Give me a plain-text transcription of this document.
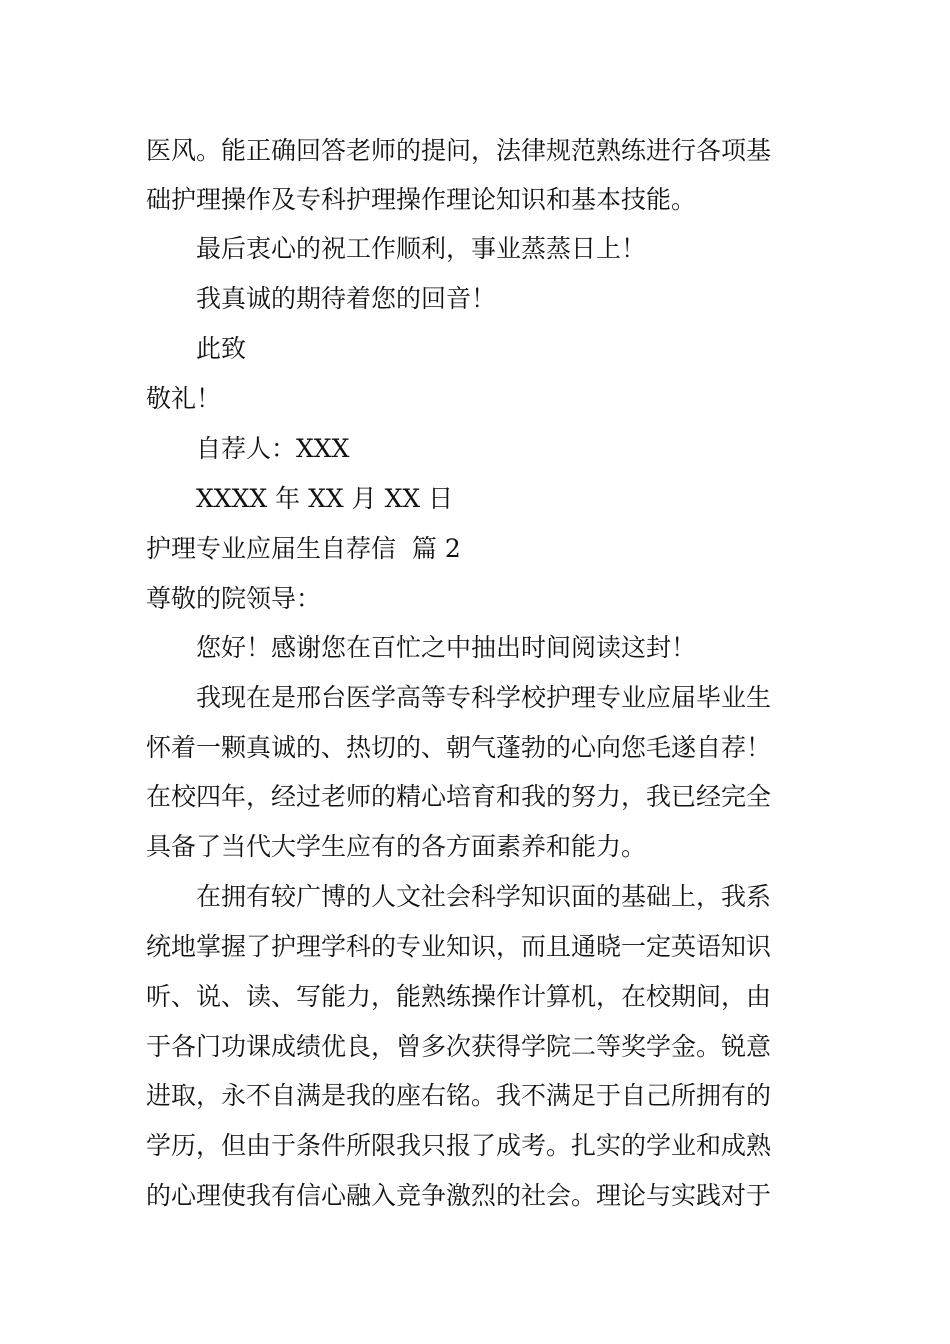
医风。能正确回答老师的提问，法律规范熟练进行各项基
础护理操作及专科护理操作理论知识和基本技能。
最后衷心的祝工作顺利，事业蒸蒸日上！
我真诚的期待着您的回音！
此致
敬礼！
自荐人：XXX
XXXX 年 XX 月 XX 日
护理专业应届生自荐信  篇 2
尊敬的院领导：
您好！感谢您在百忙之中抽出时间阅读这封！
我现在是邢台医学高等专科学校护理专业应届毕业生
怀着一颗真诚的、热切的、朝气蓬勃的心向您毛遂自荐！
在校四年，经过老师的精心培育和我的努力，我已经完全
具备了当代大学生应有的各方面素养和能力。
在拥有较广博的人文社会科学知识面的基础上，我系
统地掌握了护理学科的专业知识，而且通晓一定英语知识
听、说、读、写能力，能熟练操作计算机，在校期间，由
于各门功课成绩优良，曾多次获得学院二等奖学金。锐意
进取，永不自满是我的座右铭。我不满足于自己所拥有的
学历，但由于条件所限我只报了成考。扎实的学业和成熟
的心理使我有信心融入竞争激烈的社会。理论与实践对于
